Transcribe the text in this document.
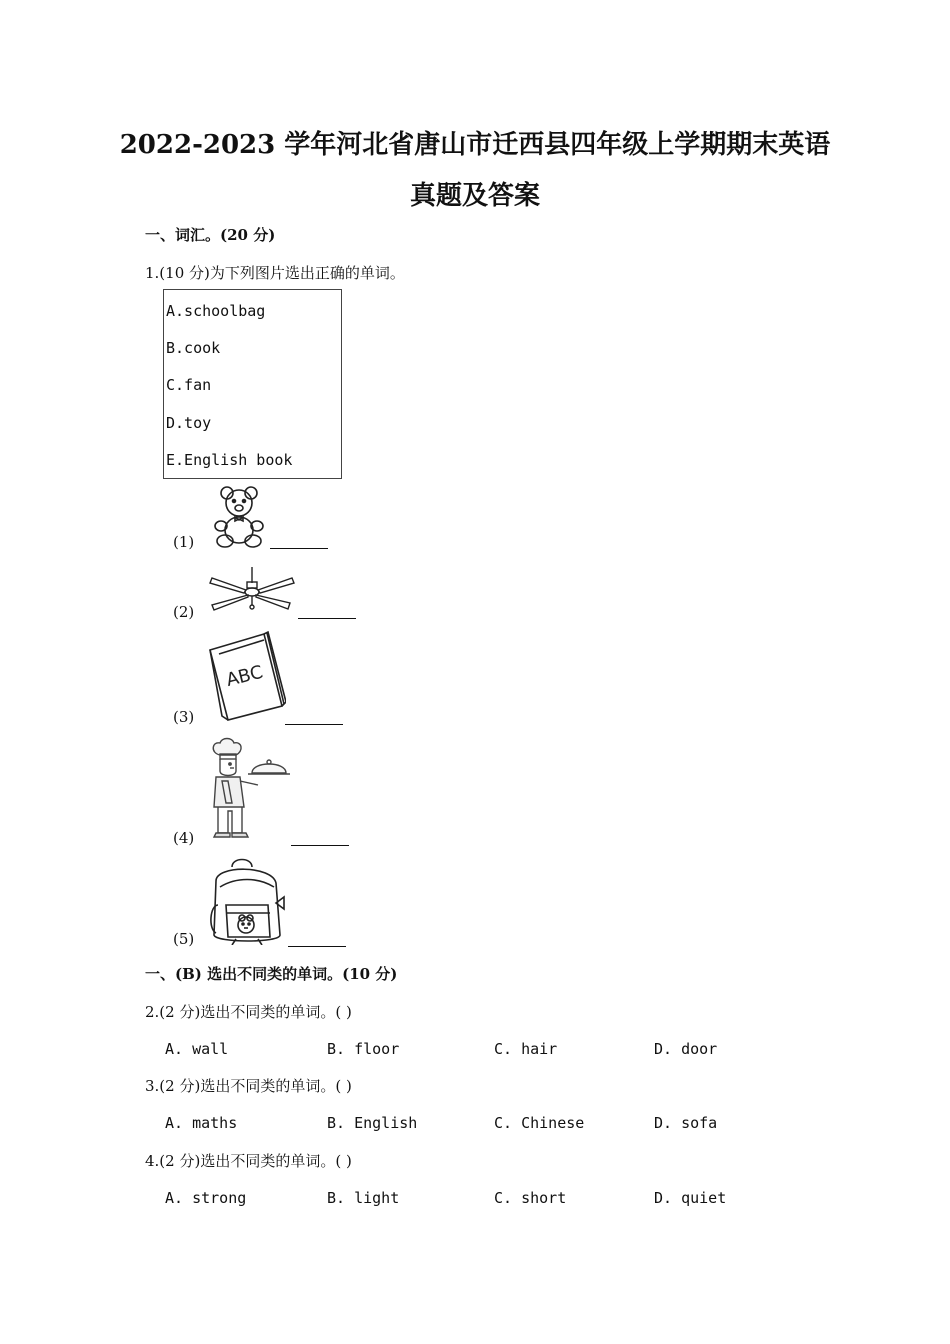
2022-2023 学年河北省唐山市迁西县四年级上学期期末英语
真题及答案
一、词汇。(20 分)
1.(10 分)为下列图片选出正确的单词。
A.schoolbag
B.cook
C.fan
D.toy
E.English book
(1)
(2)
ABC
(3)
(4)
(5)
一、(B) 选出不同类的单词。(10 分)
2.(2 分)选出不同类的单词。( )
A. wall	B. floor	C. hair	D. door
3.(2 分)选出不同类的单词。( )
A. maths	B. English	C. Chinese	D. sofa
4.(2 分)选出不同类的单词。( )
A. strong	B. light	C. short	D. quiet
